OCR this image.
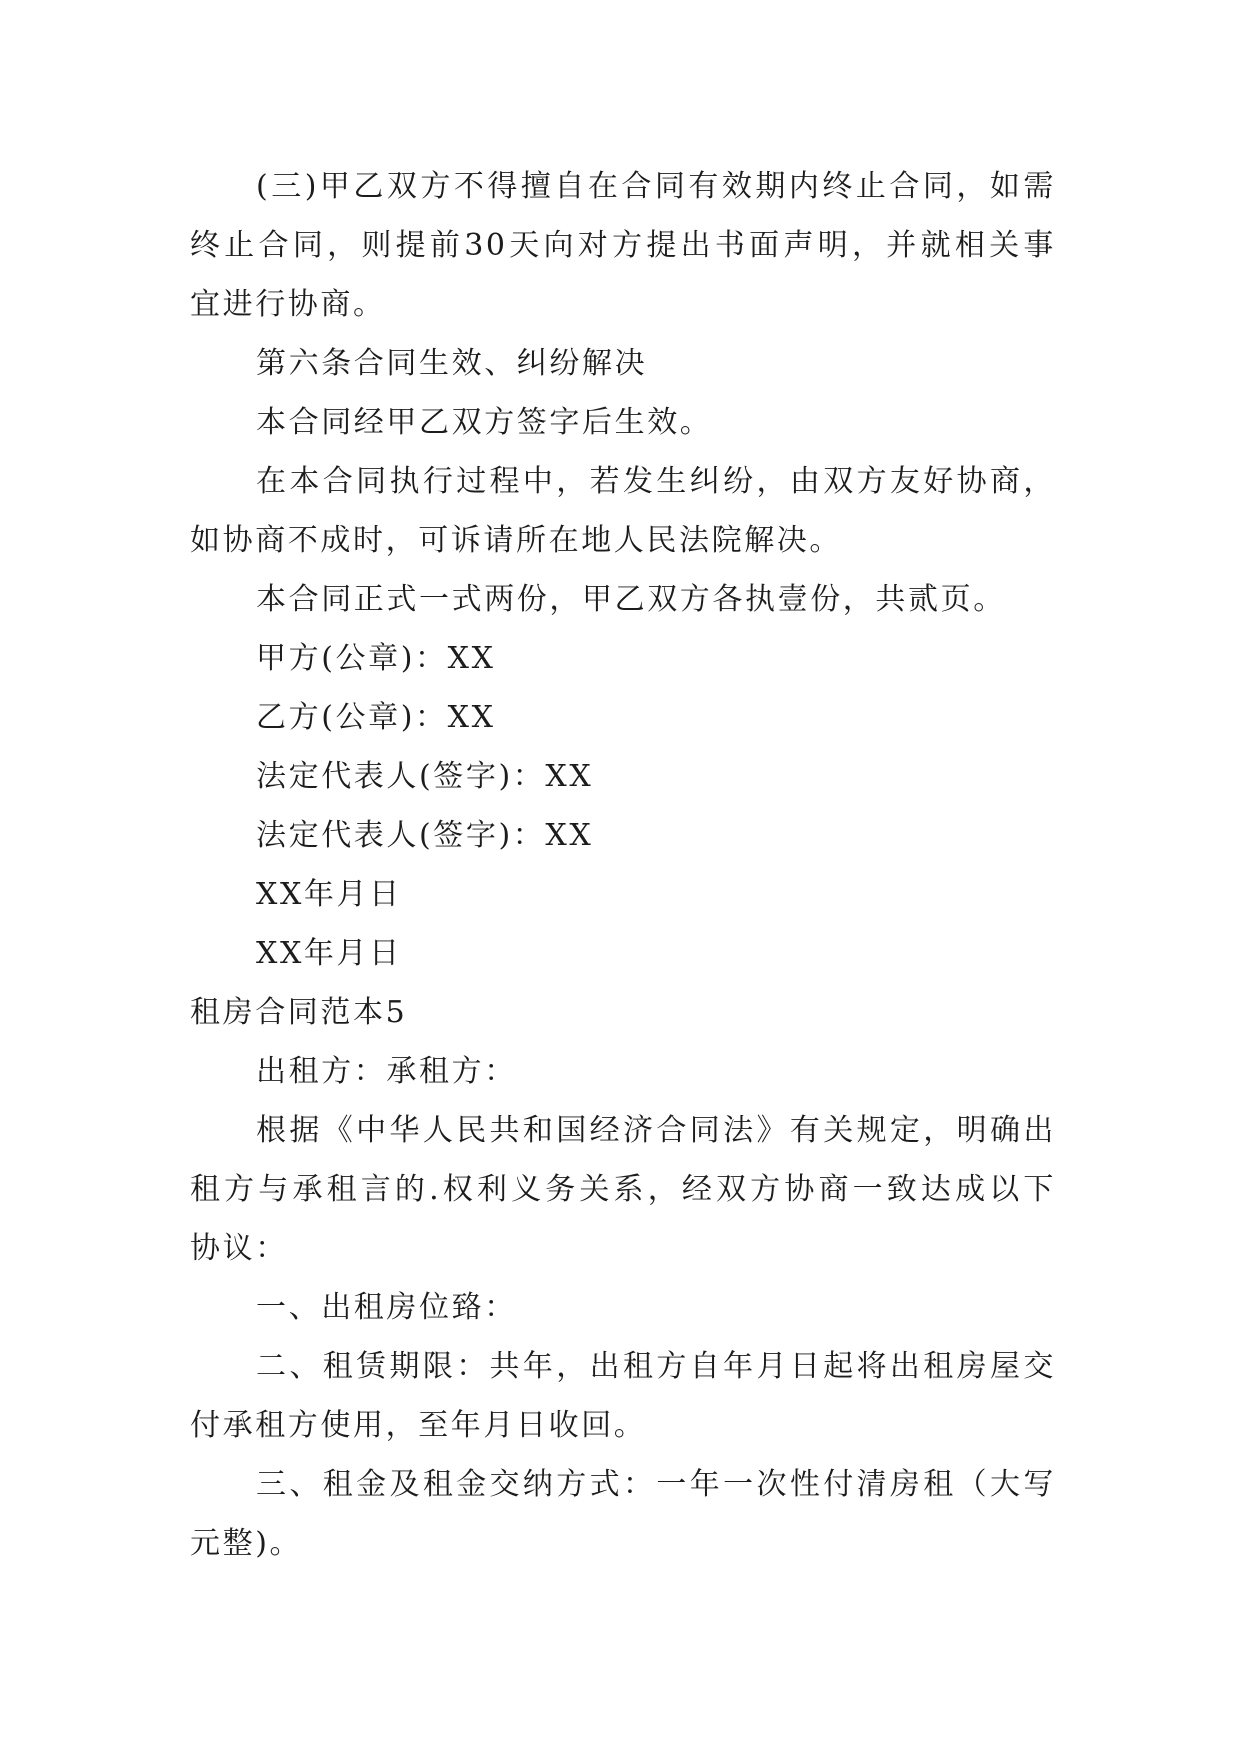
(三)甲乙双方不得擅自在合同有效期内终止合同，如需
终止合同，则提前30天向对方提出书面声明，并就相关事
宜进行协商。
第六条合同生效、纠纷解决
本合同经甲乙双方签字后生效。
在本合同执行过程中，若发生纠纷，由双方友好协商，
如协商不成时，可诉请所在地人民法院解决。
本合同正式一式两份，甲乙双方各执壹份，共贰页。
甲方(公章)：XX
乙方(公章)：XX
法定代表人(签字)：XX
法定代表人(签字)：XX
XX年月日
XX年月日
租房合同范本5
出租方：承租方：
根据《中华人民共和国经济合同法》有关规定，明确出
租方与承租言的.权利义务关系，经双方协商一致达成以下
协议：
一、出租房位臵：
二、租赁期限：共年，出租方自年月日起将出租房屋交
付承租方使用，至年月日收回。
三、租金及租金交纳方式：一年一次性付清房租（大写
元整)。
